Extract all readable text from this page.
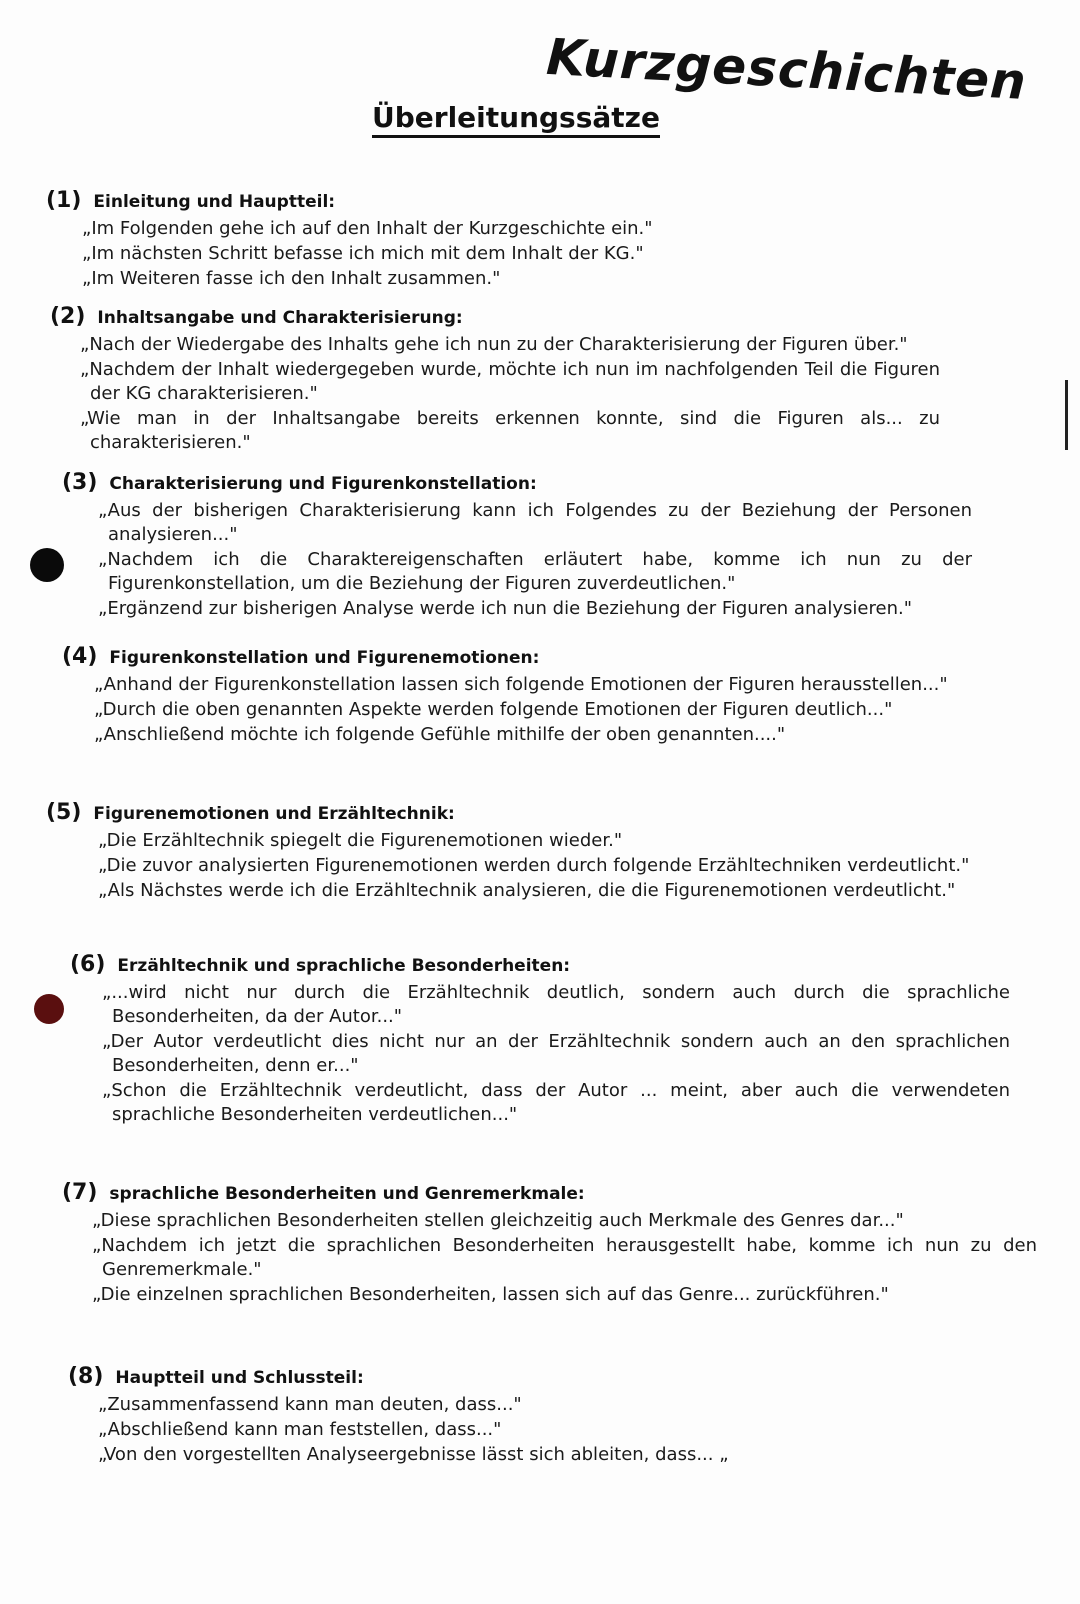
Kurzgeschichten
Überleitungssätze
(1) Einleitung und Hauptteil:
„Im Folgenden gehe ich auf den Inhalt der Kurzgeschichte ein."
„Im nächsten Schritt befasse ich mich mit dem Inhalt der KG."
„Im Weiteren fasse ich den Inhalt zusammen."
(2) Inhaltsangabe und Charakterisierung:
„Nach der Wiedergabe des Inhalts gehe ich nun zu der Charakterisierung der Figuren über."
„Nachdem der Inhalt wiedergegeben wurde, möchte ich nun im nachfolgenden Teil die Figuren der KG charakterisieren."
„Wie man in der Inhaltsangabe bereits erkennen konnte, sind die Figuren als... zu charakterisieren."
(3) Charakterisierung und Figurenkonstellation:
„Aus der bisherigen Charakterisierung kann ich Folgendes zu der Beziehung der Personen analysieren..."
„Nachdem ich die Charaktereigenschaften erläutert habe, komme ich nun zu der Figurenkonstellation, um die Beziehung der Figuren zuverdeutlichen."
„Ergänzend zur bisherigen Analyse werde ich nun die Beziehung der Figuren analysieren."
(4) Figurenkonstellation und Figurenemotionen:
„Anhand der Figurenkonstellation lassen sich folgende Emotionen der Figuren herausstellen..."
„Durch die oben genannten Aspekte werden folgende Emotionen der Figuren deutlich..."
„Anschließend möchte ich folgende Gefühle mithilfe der oben genannten...."
(5) Figurenemotionen und Erzähltechnik:
„Die Erzähltechnik spiegelt die Figurenemotionen wieder."
„Die zuvor analysierten Figurenemotionen werden durch folgende Erzähltechniken verdeutlicht."
„Als Nächstes werde ich die Erzähltechnik analysieren, die die Figurenemotionen verdeutlicht."
(6) Erzähltechnik und sprachliche Besonderheiten:
„...wird nicht nur durch die Erzähltechnik deutlich, sondern auch durch die sprachliche Besonderheiten, da der Autor..."
„Der Autor verdeutlicht dies nicht nur an der Erzähltechnik sondern auch an den sprachlichen Besonderheiten, denn er..."
„Schon die Erzähltechnik verdeutlicht, dass der Autor ... meint, aber auch die verwendeten sprachliche Besonderheiten verdeutlichen..."
(7) sprachliche Besonderheiten und Genremerkmale:
„Diese sprachlichen Besonderheiten stellen gleichzeitig auch Merkmale des Genres dar..."
„Nachdem ich jetzt die sprachlichen Besonderheiten herausgestellt habe, komme ich nun zu den Genremerkmale."
„Die einzelnen sprachlichen Besonderheiten, lassen sich auf das Genre... zurückführen."
(8) Hauptteil und Schlussteil:
„Zusammenfassend kann man deuten, dass..."
„Abschließend kann man feststellen, dass..."
„Von den vorgestellten Analyseergebnisse lässt sich ableiten, dass... „
